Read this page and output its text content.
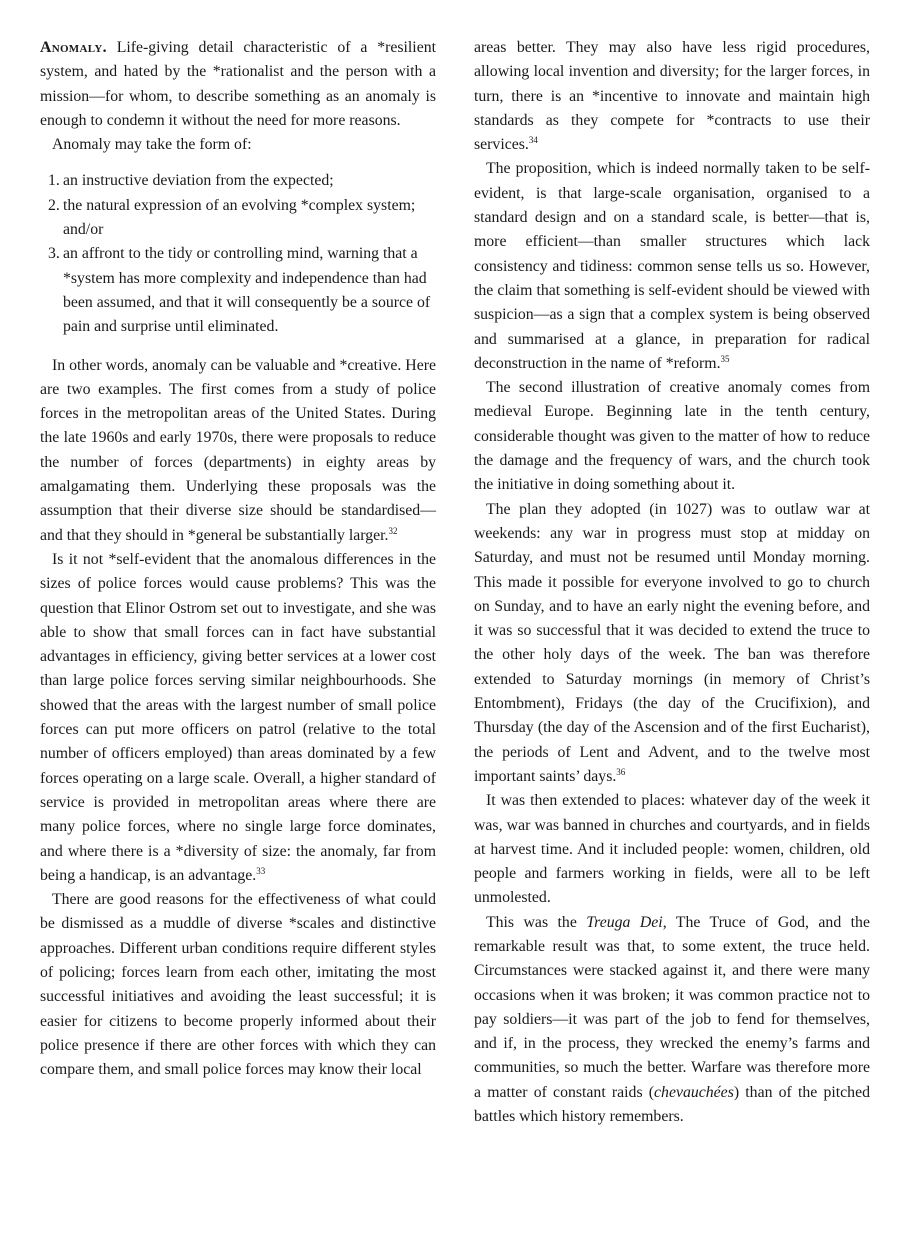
Anomaly. Life-giving detail characteristic of a *resilient system, and hated by the *rationalist and the person with a mission—for whom, to describe something as an anomaly is enough to condemn it without the need for more reasons.

Anomaly may take the form of:

1. an instructive deviation from the expected;
2. the natural expression of an evolving *complex system; and/or
3. an affront to the tidy or controlling mind, warning that a *system has more complexity and independence than had been assumed, and that it will consequently be a source of pain and surprise until eliminated.

In other words, anomaly can be valuable and *creative. Here are two examples. The first comes from a study of police forces in the metropolitan areas of the United States. During the late 1960s and early 1970s, there were proposals to reduce the number of forces (departments) in eighty areas by amalgamating them. Underlying these proposals was the assumption that their diverse size should be standardised—and that they should in *general be substantially larger.$^{32}$

Is it not *self-evident that the anomalous differences in the sizes of police forces would cause problems? This was the question that Elinor Ostrom set out to investigate, and she was able to show that small forces can in fact have substantial advantages in efficiency, giving better services at a lower cost than large police forces serving similar neighbourhoods. She showed that the areas with the largest number of small police forces can put more officers on patrol (relative to the total number of officers employed) than areas dominated by a few forces operating on a large scale. Overall, a higher standard of service is provided in metropolitan areas where there are many police forces, where no single large force dominates, and where there is a *diversity of size: the anomaly, far from being a handicap, is an advantage.$^{33}$

There are good reasons for the effectiveness of what could be dismissed as a muddle of diverse *scales and distinctive approaches. Different urban conditions require different styles of policing; forces learn from each other, imitating the most successful initiatives and avoiding the least successful; it is easier for citizens to become properly informed about their police presence if there are other forces with which they can compare them, and small police forces may know their local

areas better. They may also have less rigid procedures, allowing local invention and diversity; for the larger forces, in turn, there is an *incentive to innovate and maintain high standards as they compete for *contracts to use their services.$^{34}$

The proposition, which is indeed normally taken to be self-evident, is that large-scale organisation, organised to a standard design and on a standard scale, is better—that is, more efficient—than smaller structures which lack consistency and tidiness: common sense tells us so. However, the claim that something is self-evident should be viewed with suspicion—as a sign that a complex system is being observed and summarised at a glance, in preparation for radical deconstruction in the name of *reform.$^{35}$

The second illustration of creative anomaly comes from medieval Europe. Beginning late in the tenth century, considerable thought was given to the matter of how to reduce the damage and the frequency of wars, and the church took the initiative in doing something about it.

The plan they adopted (in 1027) was to outlaw war at weekends: any war in progress must stop at midday on Saturday, and must not be resumed until Monday morning. This made it possible for everyone involved to go to church on Sunday, and to have an early night the evening before, and it was so successful that it was decided to extend the truce to the other holy days of the week. The ban was therefore extended to Saturday mornings (in memory of Christ’s Entombment), Fridays (the day of the Crucifixion), and Thursday (the day of the Ascension and of the first Eucharist), the periods of Lent and Advent, and to the twelve most important saints’ days.$^{36}$

It was then extended to places: whatever day of the week it was, war was banned in churches and courtyards, and in fields at harvest time. And it included people: women, children, old people and farmers working in fields, were all to be left unmolested.

This was the Treuga Dei, The Truce of God, and the remarkable result was that, to some extent, the truce held. Circumstances were stacked against it, and there were many occasions when it was broken; it was common practice not to pay soldiers—it was part of the job to fend for themselves, and if, in the process, they wrecked the enemy’s farms and communities, so much the better. Warfare was therefore more a matter of constant raids (chevauchées) than of the pitched battles which history remembers.
